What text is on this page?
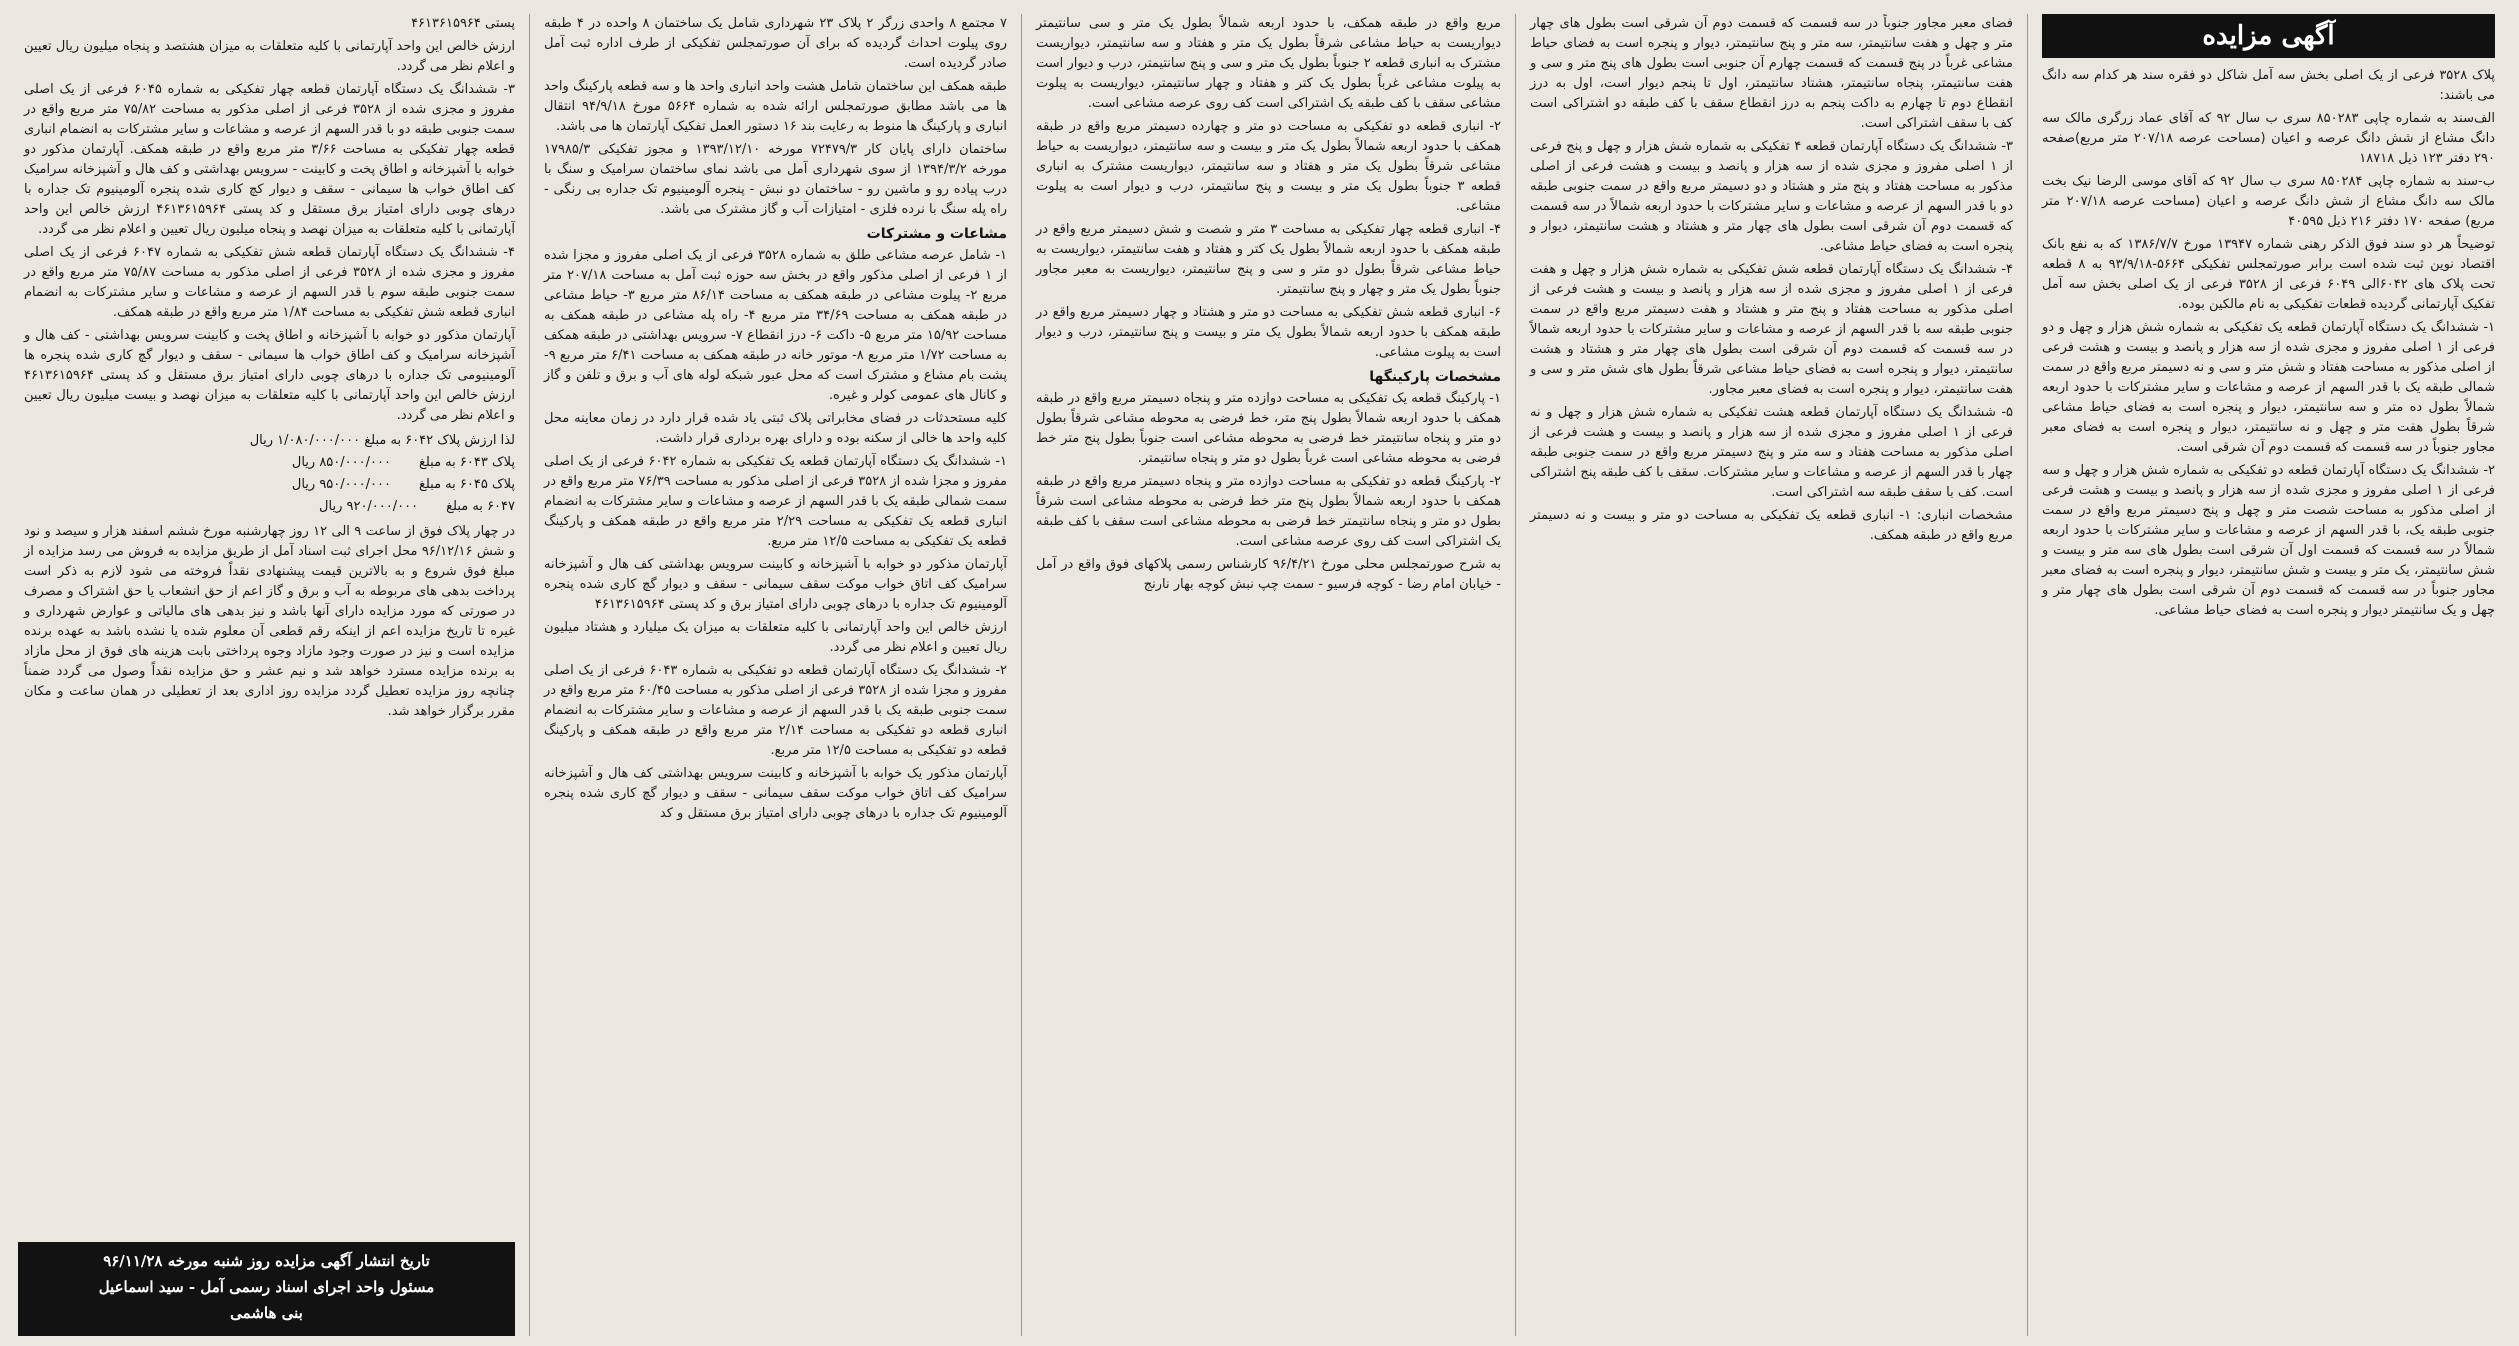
آگهی مزایده

پلاک ۳۵۲۸ فرعی از یک اصلی بخش سه آمل شاکل دو فقره سند هر کدام سه دانگ می باشند:

الف‌سند به شماره چاپی ۸۵۰۲۸۳ سری ب سال ۹۲ که آقای عماد زرگری مالک سه دانگ مشاع از شش دانگ عرصه و اعیان (مساحت عرصه ۲۰۷/۱۸ متر مربع)صفحه ۲۹۰ دفتر ۱۲۳ ذیل ۱۸۷۱۸

ب-سند به شماره چاپی ۸۵۰۲۸۴ سری ب سال ۹۲ که آقای موسی الرضا نیک بخت مالک سه دانگ مشاع از شش دانگ عرصه و اعیان (مساحت عرصه ۲۰۷/۱۸ متر مربع) صفحه ۱۷۰ دفتر ۲۱۶ ذیل ۴۰۵۹۵

توضیحاً هر دو سند فوق الذکر رهنی شماره ۱۳۹۴۷ مورخ ۱۳۸۶/۷/۷ که به نفع بانک اقتصاد نوین ثبت شده است برابر صورتمجلس تفکیکی ۵۶۶۴-۹۳/۹/۱۸ به ۸ قطعه تحت پلاک های ۶۰۴۲الی ۶۰۴۹ فرعی از ۳۵۲۸ فرعی از یک اصلی بخش سه آمل تفکیک آپارتمانی گردیده قطعات تفکیکی به نام مالکین بوده.

۱- ششدانگ یک دستگاه آپارتمان قطعه یک تفکیکی به شماره شش هزار و چهل و دو فرعی از ۱ اصلی مفروز و مجزی شده از سه هزار و پانصد و بیست و هشت فرعی از اصلی مذکور به مساحت هفتاد و شش متر و سی و نه دسیمتر مربع واقع در سمت شمالی طبقه یک با قدر السهم از عرصه و مشاعات و سایر مشترکات با حدود اربعه شمالاً بطول ده متر و سه سانتیمتر، دیوار و پنجره است به فضای حیاط مشاعی شرقاً بطول هفت متر و چهل و نه سانتیمتر، دیوار و پنجره است به فضای معبر مجاور جنوباً در سه قسمت که قسمت دوم آن شرقی است.

۲- ششدانگ یک دستگاه آپارتمان قطعه دو تفکیکی به شماره شش هزار و چهل و سه فرعی از ۱ اصلی مفروز و مجزی شده از سه هزار و پانصد و بیست و هشت فرعی از اصلی مذکور به مساحت شصت متر و چهل و پنج دسیمتر مربع واقع در سمت جنوبی طبقه یک، با قدر السهم از عرصه و مشاعات و سایر مشترکات با حدود اربعه شمالاً در سه قسمت که قسمت اول آن شرقی است بطول های سه متر و بیست و شش سانتیمتر، یک متر و بیست و شش سانتیمتر، دیوار و پنجره است به فضای معبر مجاور جنوباً در سه قسمت که قسمت دوم آن شرقی است بطول های چهار متر و چهل و یک سانتیمتر دیوار و پنجره است به فضای حیاط مشاعی.

فضای معبر مجاور جنوباً در سه قسمت که قسمت دوم آن شرقی است بطول های چهار متر و چهل و هفت سانتیمتر، سه متر و پنج سانتیمتر، دیوار و پنجره است به فضای حیاط مشاعی غرباً در پنج قسمت که قسمت چهارم آن جنوبی است بطول های پنج متر و سی و هفت سانتیمتر، پنجاه سانتیمتر، هشتاد سانتیمتر، اول تا پنجم دیوار است، اول به درز انقطاع دوم تا چهارم به داکت پنجم به درز انقطاع سقف با کف طبقه دو اشتراکی است کف با سقف اشتراکی است.

۳- ششدانگ یک دستگاه آپارتمان قطعه ۴ تفکیکی به شماره شش هزار و چهل و پنج فرعی از ۱ اصلی مفروز و مجزی شده از سه هزار و پانصد و بیست و هشت فرعی از اصلی مذکور به مساحت هفتاد و پنج متر و هشتاد و دو دسیمتر مربع واقع در سمت جنوبی طبقه دو با قدر السهم از عرصه و مشاعات و سایر مشترکات با حدود اربعه شمالاً در سه قسمت که قسمت دوم آن شرقی است بطول های چهار متر و هشتاد و هشت سانتیمتر، دیوار و پنجره است به فضای حیاط مشاعی.

۴- ششدانگ یک دستگاه آپارتمان قطعه شش تفکیکی به شماره شش هزار و چهل و هفت فرعی از ۱ اصلی مفروز و مجزی شده از سه هزار و پانصد و بیست و هشت فرعی از اصلی مذکور به مساحت هفتاد و پنج متر و هشتاد و هفت دسیمتر مربع واقع در سمت جنوبی طبقه سه با قدر السهم از عرصه و مشاعات و سایر مشترکات با حدود اربعه شمالاً در سه قسمت که قسمت دوم آن شرقی است بطول های چهار متر و هشتاد و هشت سانتیمتر، دیوار و پنجره است به فضای حیاط مشاعی شرقاً بطول های شش متر و سی و هفت سانتیمتر، دیوار و پنجره است به فضای معبر مجاور.

۵- ششدانگ یک دستگاه آپارتمان قطعه هشت تفکیکی به شماره شش هزار و چهل و نه فرعی از ۱ اصلی مفروز و مجزی شده از سه هزار و پانصد و بیست و هشت فرعی از اصلی مذکور به مساحت هفتاد و سه متر و پنج دسیمتر مربع واقع در سمت جنوبی طبقه چهار با قدر السهم از عرصه و مشاعات و سایر مشترکات. سقف با کف طبقه پنج اشتراکی است. کف با سقف طبقه سه اشتراکی است.

مشخصات انباری: ۱- انباری قطعه یک تفکیکی به مساحت دو متر و بیست و نه دسیمتر مربع واقع در طبقه همکف.

مربع واقع در طبقه همکف، با حدود اربعه شمالاً بطول یک متر و سی سانتیمتر دیواریست به حیاط مشاعی شرقاً بطول یک متر و هفتاد و سه سانتیمتر، دیواریست مشترک به انباری قطعه ۲ جنوباً بطول یک متر و سی و پنج سانتیمتر، درب و دیوار است به پیلوت مشاعی غرباً بطول یک کتر و هفتاد و چهار سانتیمتر، دیواریست به پیلوت مشاعی سقف با کف طبقه یک اشتراکی است کف روی عرصه مشاعی است.

۲- انباری قطعه دو تفکیکی به مساحت دو متر و چهارده دسیمتر مربع واقع در طبقه همکف با حدود اربعه شمالاً بطول یک متر و بیست و سه سانتیمتر، دیواریست به حیاط مشاعی شرقاً بطول یک متر و هفتاد و سه سانتیمتر، دیواریست مشترک به انباری قطعه ۳ جنوباً بطول یک متر و بیست و پنج سانتیمتر، درب و دیوار است به پیلوت مشاعی.

۴- انباری قطعه چهار تفکیکی به مساحت ۳ متر و شصت و شش دسیمتر مربع واقع در طبقه همکف با حدود اربعه شمالاً بطول یک کتر و هفتاد و هفت سانتیمتر، دیواریست به حیاط مشاعی شرقاً بطول دو متر و سی و پنج سانتیمتر، دیواریست به معبر مجاور جنوباً بطول یک متر و چهار و پنج سانتیمتر.

۶- انباری قطعه شش تفکیکی به مساحت دو متر و هشتاد و چهار دسیمتر مربع واقع در طبقه همکف با حدود اربعه شمالاً بطول یک متر و بیست و پنج سانتیمتر، درب و دیوار است به پیلوت مشاعی.

مشخصات پارکینگها

۱- پارکینگ قطعه یک تفکیکی به مساحت دوازده متر و پنجاه دسیمتر مربع واقع در طبقه همکف با حدود اربعه شمالاً بطول پنج متر، خط فرضی به محوطه مشاعی شرقاً بطول دو متر و پنجاه سانتیمتر خط فرضی به محوطه مشاعی است جنوباً بطول پنج متر خط فرضی به محوطه مشاعی است غرباً بطول دو متر و پنجاه سانتیمتر.

۲- پارکینگ قطعه دو تفکیکی به مساحت دوازده متر و پنجاه دسیمتر مربع واقع در طبقه همکف با حدود اربعه شمالاً بطول پنج متر خط فرضی به محوطه مشاعی است شرقاً بطول دو متر و پنجاه سانتیمتر خط فرضی به محوطه مشاعی است سقف با کف طبقه یک اشتراکی است کف روی عرصه مشاعی است.

به شرح صورتمجلس محلی مورخ ۹۶/۴/۲۱ کارشناس رسمی پلاکهای فوق واقع در آمل - خیابان امام رضا - کوچه فرسیو - سمت چپ نبش کوچه بهار نارنج

۷ مجتمع ۸ واحدی زرگر ۲ پلاک ۲۳ شهرداری شامل یک ساختمان ۸ واحده در ۴ طبقه روی پیلوت احداث گردیده که برای آن صورتمجلس تفکیکی از طرف اداره ثبت آمل صادر گردیده است.

طبقه همکف این ساختمان شامل هشت واحد انباری واحد ها و سه قطعه پارکینگ واحد ها می باشد مطابق صورتمجلس ارائه شده به شماره ۵۶۶۴ مورخ ۹۴/۹/۱۸ انتقال انباری و پارکینگ ها منوط به رعایت بند ۱۶ دستور العمل تفکیک آپارتمان ها می باشد.

ساختمان دارای پایان کار ۷۲۴۷۹/۳ مورخه ۱۳۹۳/۱۲/۱۰ و مجوز تفکیکی ۱۷۹۸۵/۳ مورخه ۱۳۹۴/۳/۲ از سوی شهرداری آمل می باشد نمای ساختمان سرامیک و سنگ با درب پیاده رو و ماشین رو - ساختمان دو نبش - پنجره آلومینیوم تک جداره بی رنگی - راه پله سنگ با نرده فلزی - امتیازات آب و گاز مشترک می باشد.

مشاعات و مشترکات

۱- شامل عرصه مشاعی طلق به شماره ۳۵۲۸ فرعی از یک اصلی مفروز و مجزا شده از ۱ فرعی از اصلی مذکور واقع در بخش سه حوزه ثبت آمل به مساحت ۲۰۷/۱۸ متر مربع ۲- پیلوت مشاعی در طبقه همکف به مساحت ۸۶/۱۴ متر مربع ۳- حیاط مشاعی در طبقه همکف به مساحت ۳۴/۶۹ متر مربع ۴- راه پله مشاعی در طبقه همکف به مساحت ۱۵/۹۲ متر مربع ۵- داکت ۶- درز انقطاع ۷- سرویس بهداشتی در طبقه همکف به مساحت ۱/۷۲ متر مربع ۸- موتور خانه در طبقه همکف به مساحت ۶/۴۱ متر مربع ۹- پشت بام مشاع و مشترک است که محل عبور شبکه لوله های آب و برق و تلفن و گاز و کانال های عمومی کولر و غیره.

کلیه مستحدثات در فضای مخابراتی پلاک ثبتی یاد شده قرار دارد در زمان معاینه محل کلیه واحد ها خالی از سکنه بوده و دارای بهره برداری قرار داشت.

۱- ششدانگ یک دستگاه آپارتمان قطعه یک تفکیکی به شماره ۶۰۴۲ فرعی از یک اصلی مفروز و مجزا شده از ۳۵۲۸ فرعی از اصلی مذکور به مساحت ۷۶/۳۹ متر مربع واقع در سمت شمالی طبقه یک با قدر السهم از عرصه و مشاعات و سایر مشترکات به انضمام انباری قطعه یک تفکیکی به مساحت ۲/۲۹ متر مربع واقع در طبقه همکف و پارکینگ قطعه یک تفکیکی به مساحت ۱۲/۵ متر مربع.

آپارتمان مذکور دو خوابه با آشپزخانه و کابینت سرویس بهداشتی کف هال و آشپزخانه سرامیک کف اتاق خواب موکت سقف سیمانی - سقف و دیوار گچ کاری شده پنجره آلومینیوم تک جداره با درهای چوبی دارای امتیاز برق و کد پستی ۴۶۱۳۶۱۵۹۶۴

ارزش خالص این واحد آپارتمانی با کلیه متعلقات به میزان یک میلیارد و هشتاد میلیون ریال تعیین و اعلام نظر می گردد.

۲- ششدانگ یک دستگاه آپارتمان قطعه دو تفکیکی به شماره ۶۰۴۳ فرعی از یک اصلی مفروز و مجزا شده از ۳۵۲۸ فرعی از اصلی مذکور به مساحت ۶۰/۴۵ متر مربع واقع در سمت جنوبی طبقه یک با قدر السهم از عرصه و مشاعات و سایر مشترکات به انضمام انباری قطعه دو تفکیکی به مساحت ۲/۱۴ متر مربع واقع در طبقه همکف و پارکینگ قطعه دو تفکیکی به مساحت ۱۲/۵ متر مربع.

آپارتمان مذکور یک خوابه با آشپزخانه و کابینت سرویس بهداشتی کف هال و آشپزخانه سرامیک کف اتاق خواب موکت سقف سیمانی - سقف و دیوار گچ کاری شده پنجره آلومینیوم تک جداره با درهای چوبی دارای امتیاز برق مستقل و کد

پستی ۴۶۱۳۶۱۵۹۶۴

ارزش خالص این واحد آپارتمانی با کلیه متعلقات به میزان هشتصد و پنجاه میلیون ریال تعیین و اعلام نظر می گردد.

۳- ششدانگ یک دستگاه آپارتمان قطعه چهار تفکیکی به شماره ۶۰۴۵ فرعی از یک اصلی مفروز و مجزی شده از ۳۵۲۸ فرعی از اصلی مذکور به مساحت ۷۵/۸۲ متر مربع واقع در سمت جنوبی طبقه دو با قدر السهم از عرصه و مشاعات و سایر مشترکات به انضمام انباری قطعه چهار تفکیکی به مساحت ۳/۶۶ متر مربع واقع در طبقه همکف. آپارتمان مذکور دو خوابه با آشپزخانه و اطاق پخت و کابینت - سرویس بهداشتی و کف هال و آشپزخانه سرامیک کف اطاق خواب ها سیمانی - سقف و دیوار کچ کاری شده پنجره آلومینیوم تک جداره با درهای چوبی دارای امتیاز برق مستقل و کد پستی ۴۶۱۳۶۱۵۹۶۴ ارزش خالص این واحد آپارتمانی با کلیه متعلقات به میزان نهصد و پنجاه میلیون ریال تعیین و اعلام نظر می گردد.

۴- ششدانگ یک دستگاه آپارتمان قطعه شش تفکیکی به شماره ۶۰۴۷ فرعی از یک اصلی مفروز و مجزی شده از ۳۵۲۸ فرعی از اصلی مذکور به مساحت ۷۵/۸۷ متر مربع واقع در سمت جنوبی طبقه سوم با قدر السهم از عرصه و مشاعات و سایر مشترکات به انضمام انباری قطعه شش تفکیکی به مساحت ۱/۸۴ متر مربع واقع در طبقه همکف.

آپارتمان مذکور دو خوابه با آشپزخانه و اطاق پخت و کابینت سرویس بهداشتی - کف هال و آشپزخانه سرامیک و کف اطاق خواب ها سیمانی - سقف و دیوار گچ کاری شده پنجره ها آلومینیومی تک جداره با درهای چوبی دارای امتیاز برق مستقل و کد پستی ۴۶۱۳۶۱۵۹۶۴ ارزش خالص این واحد آپارتمانی با کلیه متعلقات به میزان نهصد و بیست میلیون ریال تعیین و اعلام نظر می گردد.

لذا ارزش پلاک ۶۰۴۲ به مبلغ ۱/۰۸۰/۰۰۰/۰۰۰ ریال
پلاک ۶۰۴۳ به مبلغ
۸۵۰/۰۰۰/۰۰۰ ریال
پلاک ۶۰۴۵ به مبلغ
۹۵۰/۰۰۰/۰۰۰ ریال
۶۰۴۷ به مبلغ
۹۲۰/۰۰۰/۰۰۰ ریال

در چهار پلاک فوق از ساعت ۹ الی ۱۲ روز چهارشنبه مورخ ششم اسفند هزار و سیصد و نود و شش ۹۶/۱۲/۱۶ محل اجرای ثبت اسناد آمل از طریق مزایده به فروش می رسد مزایده از مبلغ فوق شروع و به بالاترین قیمت پیشنهادی نقداً فروخته می شود لازم به ذکر است پرداخت بدهی های مربوطه به آب و برق و گاز اعم از حق انشعاب یا حق اشتراک و مصرف در صورتی که مورد مزایده دارای آنها باشد و نیز بدهی های مالیاتی و عوارض شهرداری و غیره تا تاریخ مزایده اعم از اینکه رقم قطعی آن معلوم شده یا نشده باشد به عهده برنده مزایده است و نیز در صورت وجود مازاد وجوه پرداختی بابت هزینه های فوق از محل مازاد به برنده مزایده مسترد خواهد شد و نیم عشر و حق مزایده نقداً وصول می گردد ضمناً چنانچه روز مزایده تعطیل گردد مزایده روز اداری بعد از تعطیلی در همان ساعت و مکان مقرر برگزار خواهد شد.

تاریخ انتشار آگهی مزایده روز شنبه مورخه ۹۶/۱۱/۲۸
مسئول واحد اجرای اسناد رسمی آمل - سید اسماعیل
بنی هاشمی
